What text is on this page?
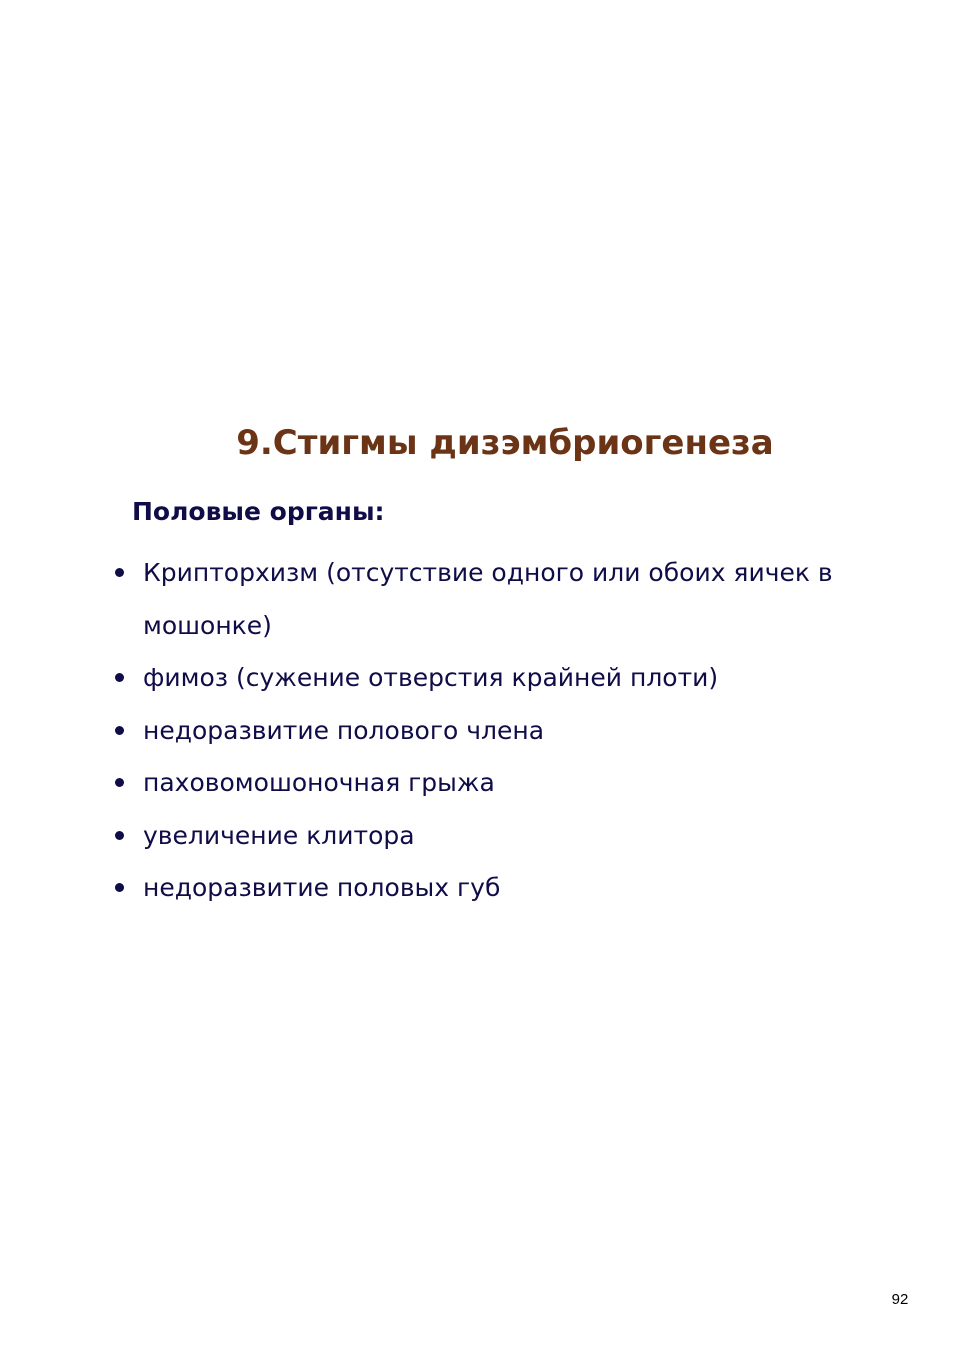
9.Стигмы дизэмбриогенеза
Половые органы:
Крипторхизм (отсутствие одного или обоих яичек в мошонке)
фимоз (сужение отверстия крайней плоти)
недоразвитие полового члена
паховомошоночная грыжа
увеличение клитора
недоразвитие половых губ
92
